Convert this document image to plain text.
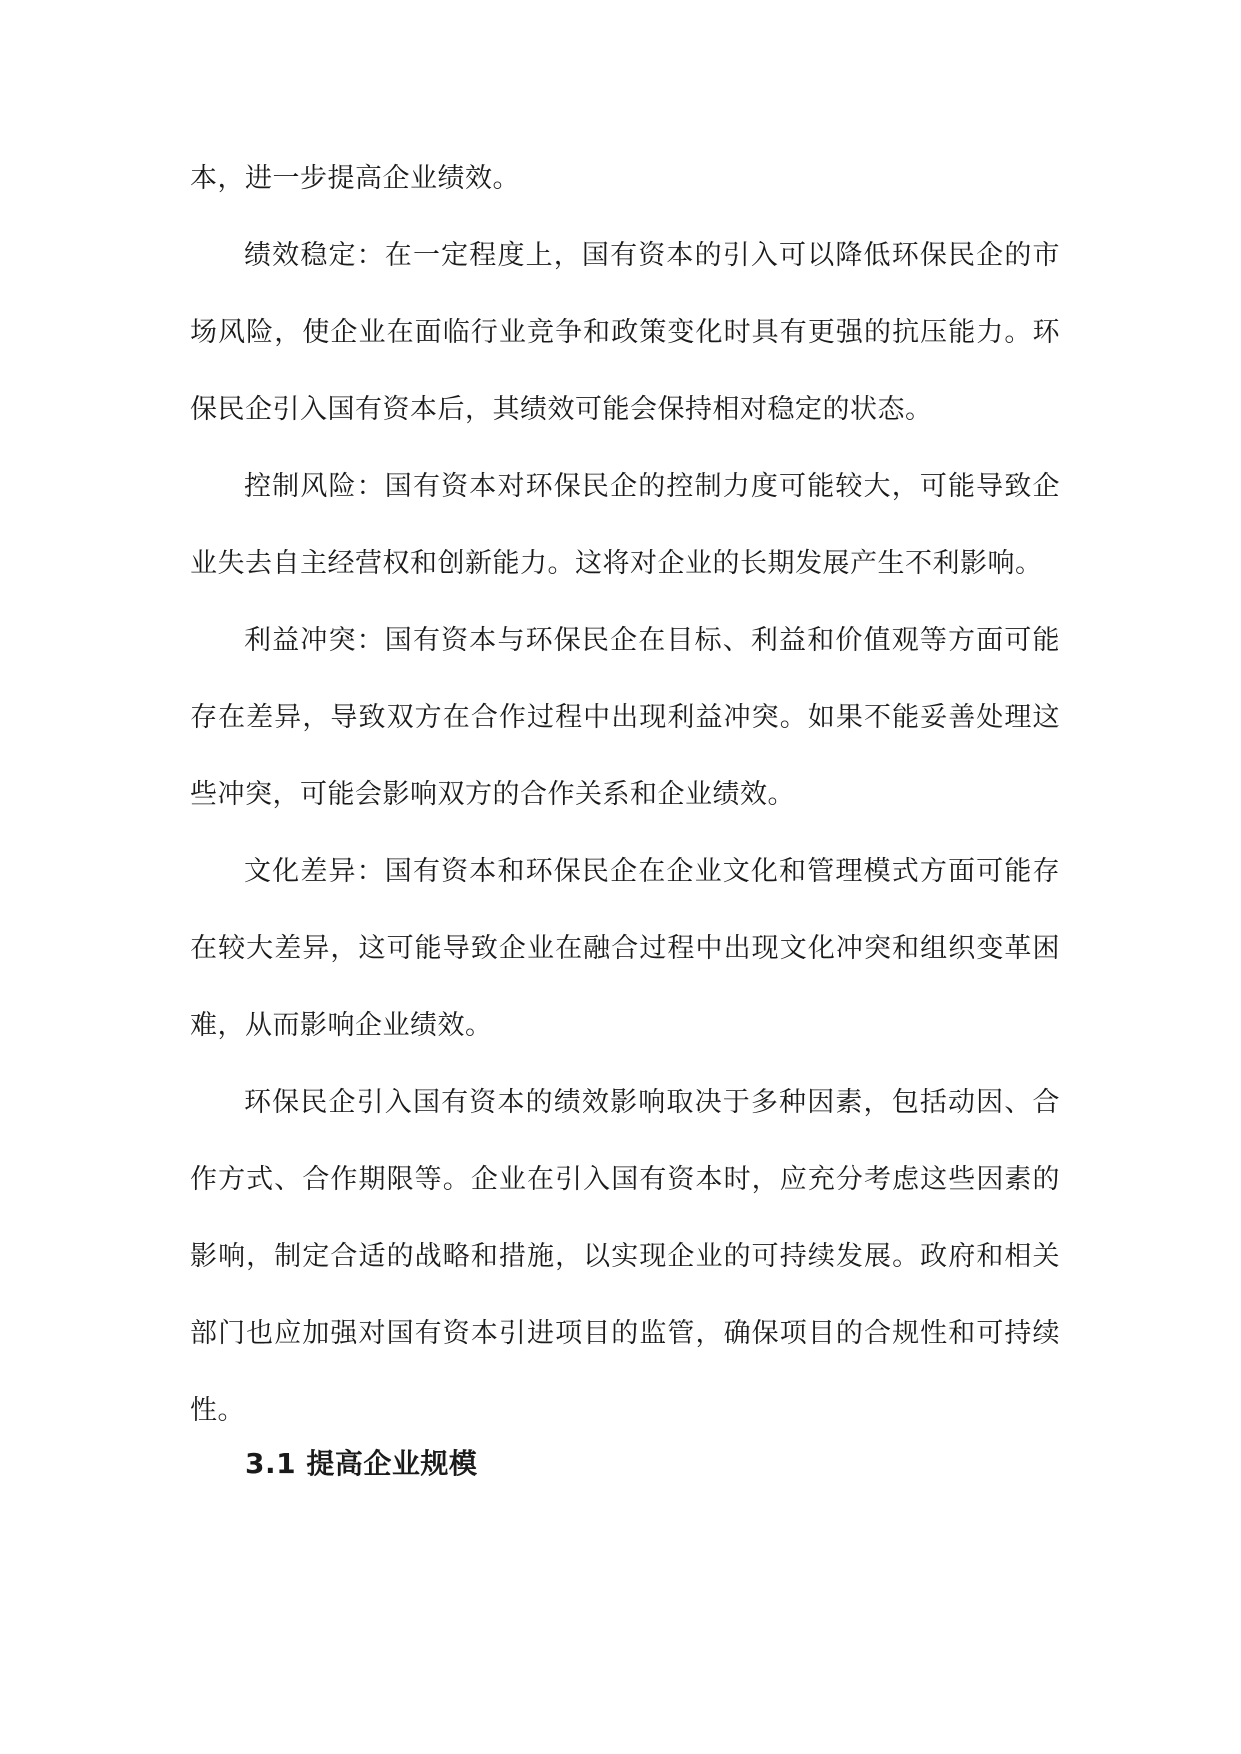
本，进一步提高企业绩效。

绩效稳定：在一定程度上，国有资本的引入可以降低环保民企的市场风险，使企业在面临行业竞争和政策变化时具有更强的抗压能力。环保民企引入国有资本后，其绩效可能会保持相对稳定的状态。

控制风险：国有资本对环保民企的控制力度可能较大，可能导致企业失去自主经营权和创新能力。这将对企业的长期发展产生不利影响。

利益冲突：国有资本与环保民企在目标、利益和价值观等方面可能存在差异，导致双方在合作过程中出现利益冲突。如果不能妥善处理这些冲突，可能会影响双方的合作关系和企业绩效。

文化差异：国有资本和环保民企在企业文化和管理模式方面可能存在较大差异，这可能导致企业在融合过程中出现文化冲突和组织变革困难，从而影响企业绩效。

环保民企引入国有资本的绩效影响取决于多种因素，包括动因、合作方式、合作期限等。企业在引入国有资本时，应充分考虑这些因素的影响，制定合适的战略和措施，以实现企业的可持续发展。政府和相关部门也应加强对国有资本引进项目的监管，确保项目的合规性和可持续性。

3.1 提高企业规模
